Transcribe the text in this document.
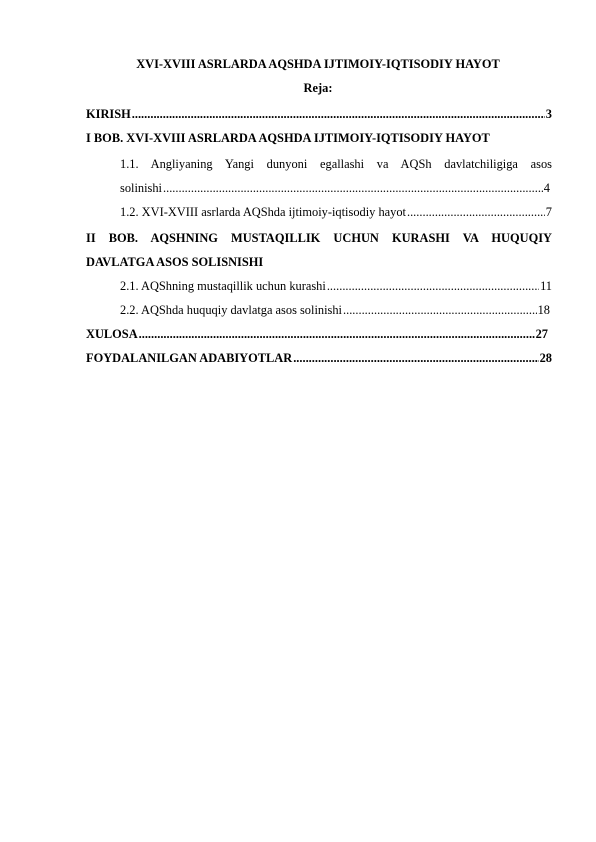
XVI-XVIII ASRLARDA AQSHDA IJTIMOIY-IQTISODIY HAYOT
Reja:
KIRISH .....	3
I BOB. XVI-XVIII ASRLARDA AQSHDA IJTIMOIY-IQTISODIY HAYOT
1.1. Angliyaning Yangi dunyoni egallashi va AQSh davlatchiligiga asos
solinishi .....	4
1.2. XVI-XVIII asrlarda AQShda ijtimoiy-iqtisodiy hayot .....	7
II BOB. AQSHNING MUSTAQILLIK UCHUN KURASHI VA HUQUQIY
DAVLATGA ASOS SOLISNISHI
2.1. AQShning mustaqillik uchun kurashi .....	11
2.2. AQShda huquqiy davlatga asos solinishi .....	18
XULOSA .....	27
FOYDALANILGAN ADABIYOTLAR .....	28
